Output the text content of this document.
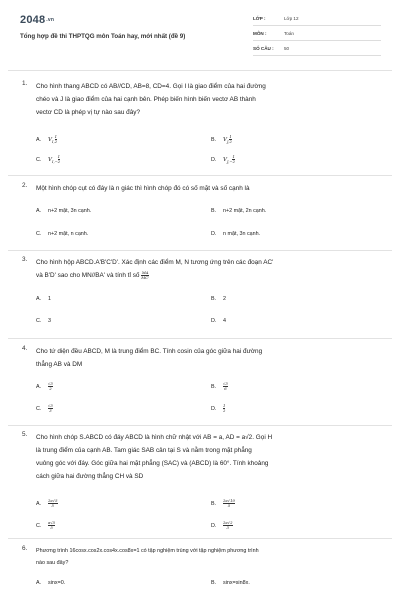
2048.vn
Tổng hợp đề thi THPTQG môn Toán hay, mới nhất (đề 9)
LỚP :	Lớp 12
MÔN :	Toán
SỐ CÂU : 50
1. Cho hình thang ABCD có AB//CD, AB=8, CD=4. Gọi I là giao điểm của hai đường
chéo và J là giao điểm của hai cạnh bên. Phép biến hình biến vectơ AB thành
vectơ CD là phép vị tự nào sau đây?
A. $V_{I,} \frac{1}{2}$	B. $V_{J,} \frac{1}{2}$
C. $V_{I,-} \frac{1}{2}$	D. $V_{J,-} \frac{1}{2}$
2. Một hình chóp cụt có đáy là n giác thì hình chóp đó có số mặt và số cạnh là
A. n+2 mặt, 3n cạnh.	B. n+2 mặt, 2n cạnh.
C. n+2 mặt, n cạnh.	D. n mặt, 3n cạnh.
3. Cho hình hộp ABCD.A'B'C'D'. Xác định các điểm M, N tương ứng trên các đoạn AC'
và B'D' sao cho MN//BA' và tính tỉ số $\frac{MA}{MC'}$
A. 1	B. 2
C. 3	D. 4
4. Cho tứ diện đều ABCD, M là trung điểm BC. Tính cosin của góc giữa hai đường
thẳng AB và DM
A. $\frac{√3}{2}$	B. $\frac{√3}{6}$
C. $\frac{√3}{3}$	D. $\frac{1}{2}$
5. Cho hình chóp S.ABCD có đáy ABCD là hình chữ nhật với AB = a, AD = a√2. Gọi H
là trung điểm của cạnh AB. Tam giác SAB cân tại S và nằm trong mặt phẳng
vuông góc với đáy. Góc giữa hai mặt phẳng (SAC) và (ABCD) là 60°. Tính khoảng
cách giữa hai đường thẳng CH và SD
A. $\frac{2a√5}{5}$	B. $\frac{2a√10}{5}$
C. $\frac{a√5}{5}$	D. $\frac{2a√2}{3}$
6. Phương trình 16cosx.cos2x.cos4x.cos8x=1 có tập nghiệm trùng với tập nghiệm phương trình
nào sau đây?
A. sinx=0.	B. sinx=sin8x.
